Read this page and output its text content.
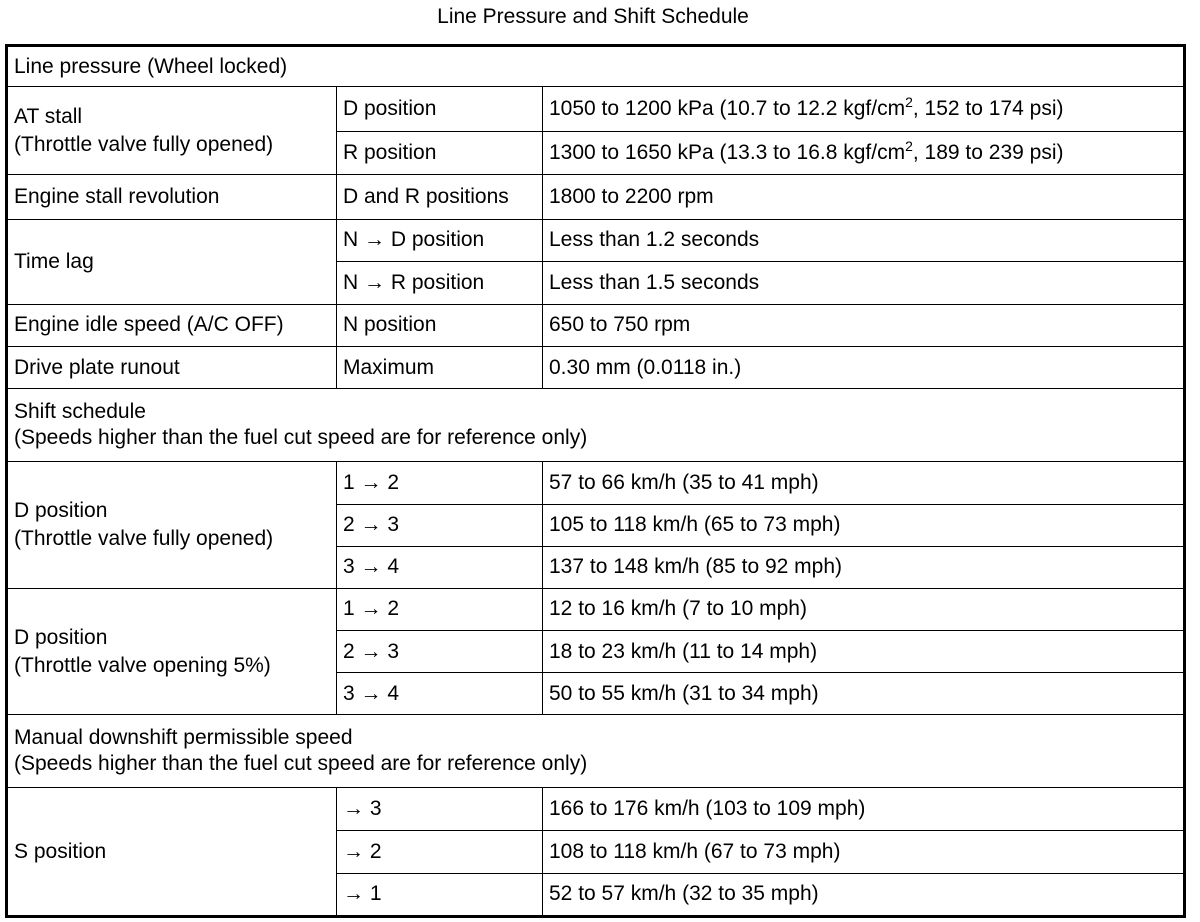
Line Pressure and Shift Schedule
Line pressure (Wheel locked)		

AT stall
(Throttle valve fully opened)	D position	1050 to 1200 kPa (10.7 to 12.2 kgf/$cm^2$, 152 to 174 psi)
	R position	1300 to 1650 kPa (13.3 to 16.8 kgf/$cm^2$, 189 to 239 psi)
Engine stall revolution	D and R positions	1800 to 2200 rpm
Time lag	N → D position	Less than 1.2 seconds
	N → R position	Less than 1.5 seconds
Engine idle speed (A/C OFF)	N position	650 to 750 rpm
Drive plate runout	Maximum	0.30 mm (0.0118 in.)

Shift schedule
(Speeds higher than the fuel cut speed are for reference only)		

D position
(Throttle valve fully opened)	1 → 2	57 to 66 km/h (35 to 41 mph)
	2 → 3	105 to 118 km/h (65 to 73 mph)
	3 → 4	137 to 148 km/h (85 to 92 mph)

D position
(Throttle valve opening 5%)	1 → 2	12 to 16 km/h (7 to 10 mph)
	2 → 3	18 to 23 km/h (11 to 14 mph)
	3 → 4	50 to 55 km/h (31 to 34 mph)

Manual downshift permissible speed
(Speeds higher than the fuel cut speed are for reference only)		

S position	→ 3	166 to 176 km/h (103 to 109 mph)
	→ 2	108 to 118 km/h (67 to 73 mph)
	→ 1	52 to 57 km/h (32 to 35 mph)
